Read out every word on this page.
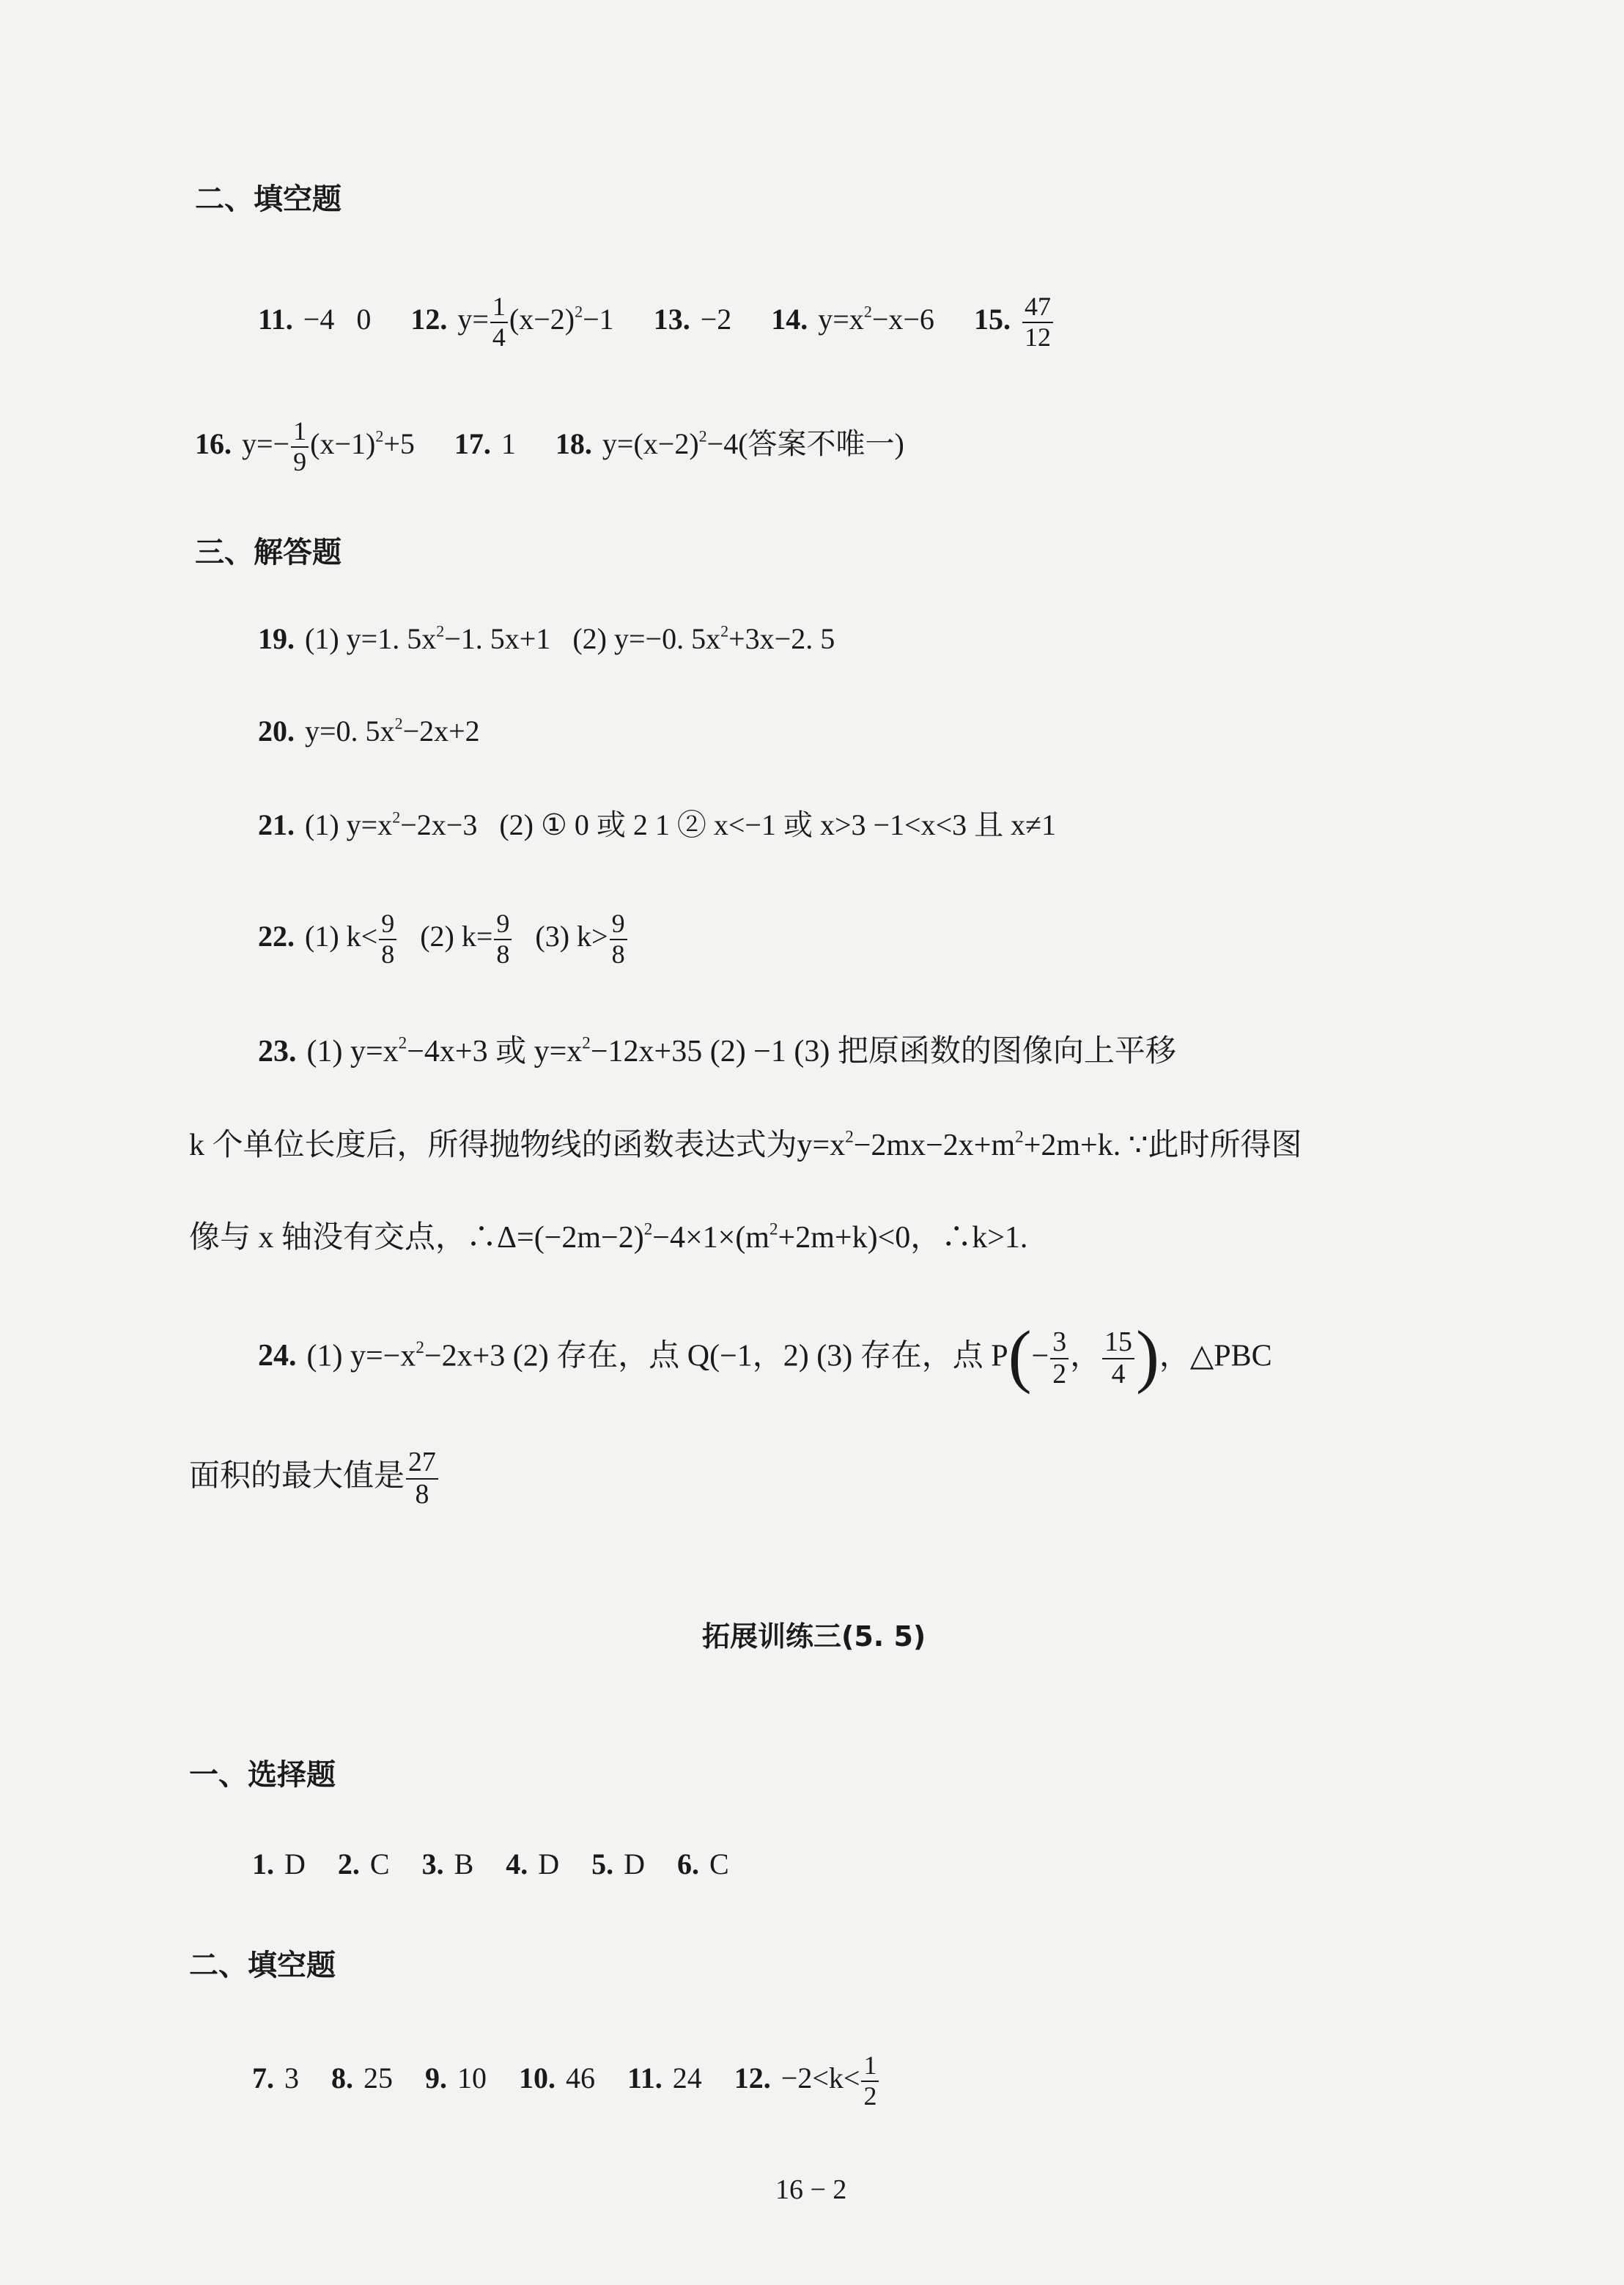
二、填空题
11. −4 0 12. $y= \frac{1}{4} (x-2)^2-1$ 13. −2 14. $y=x^2-x-6$ 15. $\frac{47}{12}$
16. $y=- \frac{1}{9} (x-1)^2+5$ 17. 1 18. $y=(x-2)^2-4$(答案不唯一)
三、解答题
19. (1) y=1. $5x^2-1$. 5x+1 (2) y=−0. $5x^2+3x-2$. 5
20. y=0. $5x^2-2x+2$
21. (1) $y=x^2-2x-3$ (2) ① 0 或 2 1 ② x<−1 或 x>3 −1<x<3 且 x≠1
22. (1) $k< \frac{9}{8} (2)$ $k= \frac{9}{8} (3)$ $k> \frac{9}{8}$
23. (1) $y=x^2-4x+3$ 或 $y=x^2-12x+35$ (2) −1 (3) 把原函数的图像向上平移
k 个单位长度后，所得抛物线的函数表达式为$y=x^2-2mx-2x+m^2+2m+k$. ∵此时所得图
像与 x 轴没有交点，$\therefore\Delta=(-2m-2)^2-4\times 1\times(m^2+2m+k)<0$，∴k>1.
24. (1) $y=-x^2-2x+3$ (2) 存在，点 Q(−1，2) (3) 存在，点 $P(- \frac{3}{2}$ ， $\frac{15}{4}$ )，△PBC
面积的最大值是 $\frac{27}{8}$
拓展训练三(5. 5)
一、选择题
1. D 2. C 3. B 4. D 5. D 6. C
二、填空题
7. 3 8. 25 9. 10 10. 46 11. 24 12. $-2<k< \frac{1}{2}$
16 − 2
